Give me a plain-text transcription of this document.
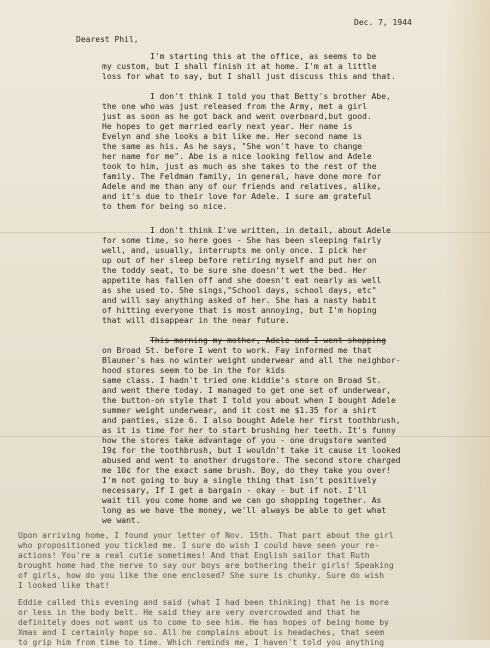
Dec. 7, 1944
Dearest Phil,
I'm starting this at the office, as seems to be
my custom, but I shall finish it at home. I'm at a little
loss for what to say, but I shall just discuss this and that.
I don't think I told you that Betty's brother Abe,
the one who was just released from the Army, met a girl
just as soon as he got back and went overboard,but good.
He hopes to get married early next year. Her name is
Evelyn and she looks a bit like me. Her second name is
the same as his. As he says, "She won't have to change
her name for me". Abe is a nice looking fellow and Adele
took to him, just as much as she takes to the rest of the
family. The Feldman family, in general, have done more for
Adele and me than any of our friends and relatives, alike,
and it's due to their love for Adele. I sure am grateful
to them for being so nice.
I don't think I've written, in detail, about Adele
for some time, so here goes - She has been sleeping fairly
well, and, usually, interrupts me only once. I pick her
up out of her sleep before retiring myself and put her on
the toddy seat, to be sure she doesn't wet the bed. Her
appetite has fallen off and she doesn't eat nearly as well
as she used to. She sings,"School days, school days, etc"
and will say anything asked of her. She has a nasty habit
of hitting everyone that is most annoying, but I'm hoping
that will disappear in the near future.
This morning my mother, Adele and I went shopping
on Broad St. before I went to work. Fay informed me that
Blauner's has no winter weight underwear and all the neighbor-
hood stores seem to be in the for kids
same class. I hadn't tried one kiddie's store on Broad St.
and went there today. I managed to get one set of underwear,
the button-on style that I told you about when I bought Adele
summer weight underwear, and it cost me $1.35 for a shirt
and panties, size 6. I also bought Adele her first toothbrush,
as it is time for her to start brushing her teeth. It's funny
how the stores take advantage of you - one drugstore wanted
19¢ for the toothbrush, but I wouldn't take it cause it looked
abused and went to another drugstore. The second store charged
me 10¢ for the exact same brush. Boy, do they take you over!
I'm not going to buy a single thing that isn't positively
necessary, If I get a bargain - okay - but if not. I'll
wait til you come home and we can go shopping together. As
long as we have the money, we'll always be able to get what
we want.
Upon arriving home, I found your letter of Nov. 15th. That part about the girl
who propositioned you tickled me. I sure do wish I could have seen your re-
actions! You're a real cutie sometimes! And that English sailor that Ruth
brought home had the nerve to say our boys are bothering their girls! Speaking
of girls, how do you like the one enclosed? She sure is chunky. Sure do wish
I looked like that!
Eddie called this evening and said (what I had been thinking) that he is more
or less in the body belt. He said they are very overcrowded and that he
definitely does not want us to come to see him. He has hopes of being home by
Xmas and I certainly hope so. All he complains about is headaches, that seem
to grip him from time to time. Which reminds me, I haven't told you anything
